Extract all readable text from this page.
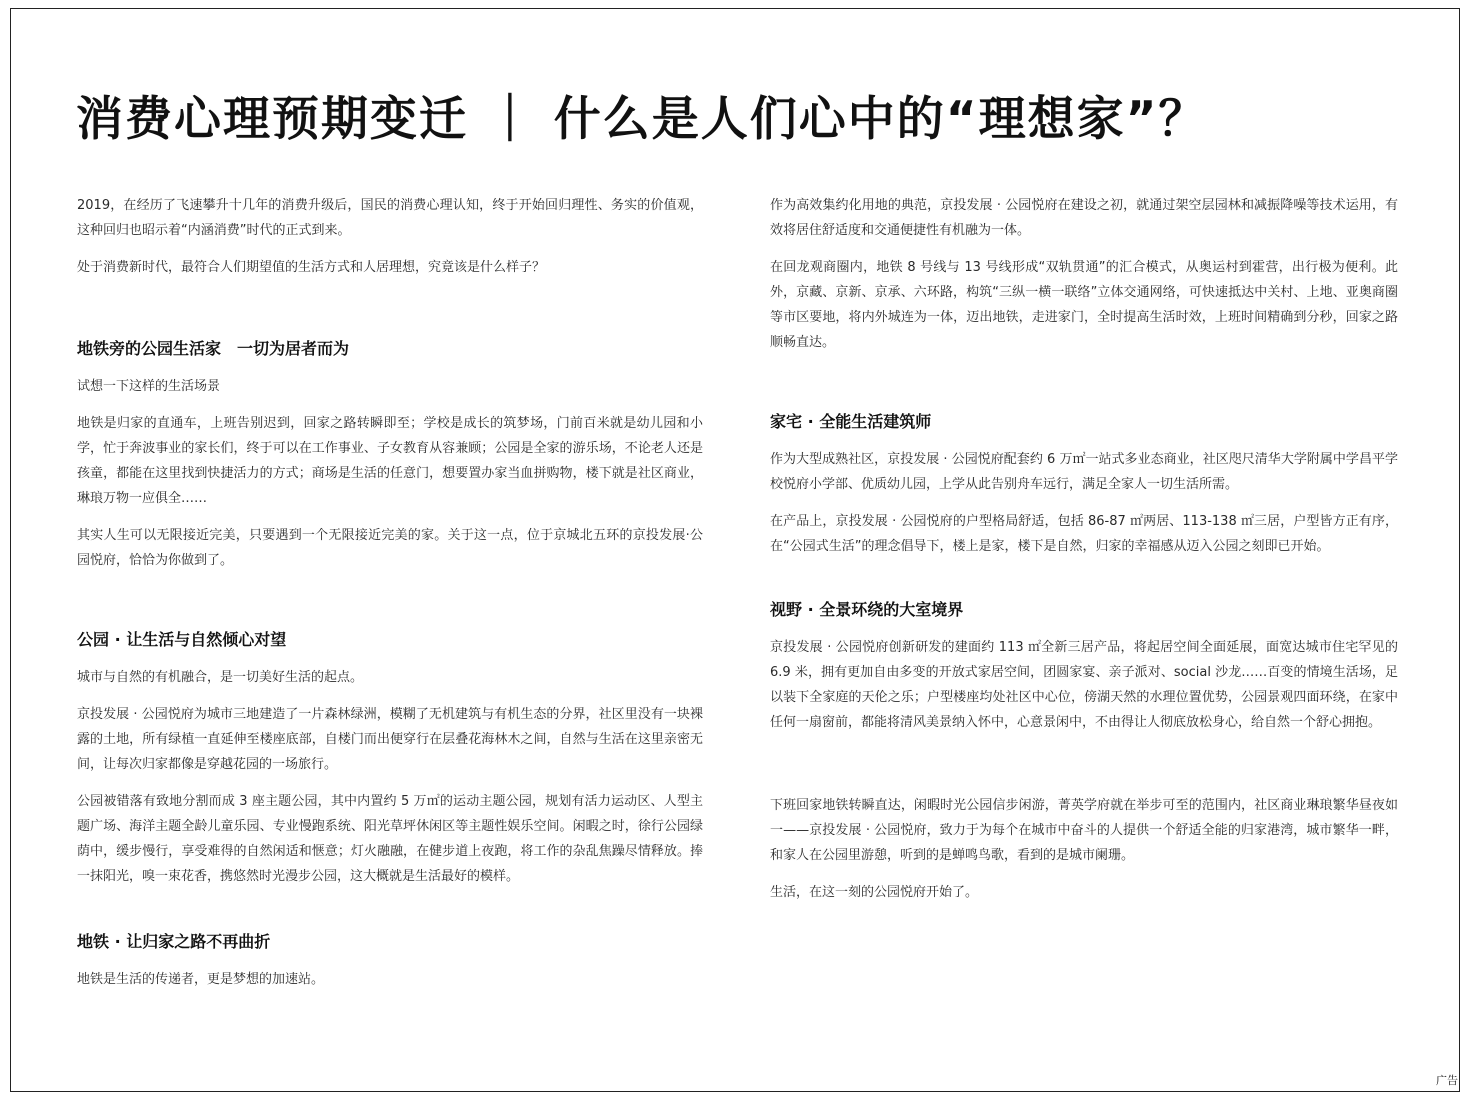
消费心理预期变迁 ｜ 什么是人们心中的“理想家”？

2019，在经历了飞速攀升十几年的消费升级后，国民的消费心理认知，终于开始回归理性、务实的价值观，这种回归也昭示着“内涵消费”时代的正式到来。

处于消费新时代，最符合人们期望值的生活方式和人居理想，究竟该是什么样子？

地铁旁的公园生活家　一切为居者而为

试想一下这样的生活场景

地铁是归家的直通车，上班告别迟到，回家之路转瞬即至；学校是成长的筑梦场，门前百米就是幼儿园和小学，忙于奔波事业的家长们，终于可以在工作事业、子女教育从容兼顾；公园是全家的游乐场，不论老人还是孩童，都能在这里找到快捷活力的方式；商场是生活的任意门，想要置办家当血拼购物，楼下就是社区商业，琳琅万物一应俱全……

其实人生可以无限接近完美，只要遇到一个无限接近完美的家。关于这一点，位于京城北五环的京投发展·公园悦府，恰恰为你做到了。

公园 · 让生活与自然倾心对望

城市与自然的有机融合，是一切美好生活的起点。

京投发展 · 公园悦府为城市三地建造了一片森林绿洲，模糊了无机建筑与有机生态的分界，社区里没有一块裸露的土地，所有绿植一直延伸至楼座底部，自楼门而出便穿行在层叠花海林木之间，自然与生活在这里亲密无间，让每次归家都像是穿越花园的一场旅行。

公园被错落有致地分割而成 3 座主题公园，其中内置约 5 万㎡的运动主题公园，规划有活力运动区、人型主题广场、海洋主题全龄儿童乐园、专业慢跑系统、阳光草坪休闲区等主题性娱乐空间。闲暇之时，徐行公园绿荫中，缓步慢行，享受难得的自然闲适和惬意；灯火融融，在健步道上夜跑，将工作的杂乱焦躁尽情释放。捧一抹阳光，嗅一束花香，携悠然时光漫步公园，这大概就是生活最好的模样。

地铁 · 让归家之路不再曲折

地铁是生活的传递者，更是梦想的加速站。

作为高效集约化用地的典范，京投发展 · 公园悦府在建设之初，就通过架空层园林和减振降噪等技术运用，有效将居住舒适度和交通便捷性有机融为一体。

在回龙观商圈内，地铁 8 号线与 13 号线形成“双轨贯通”的汇合模式，从奥运村到霍营，出行极为便利。此外，京藏、京新、京承、六环路，构筑“三纵一横一联络”立体交通网络，可快速抵达中关村、上地、亚奥商圈等市区要地，将内外城连为一体，迈出地铁，走进家门，全时提高生活时效，上班时间精确到分秒，回家之路顺畅直达。

家宅 · 全能生活建筑师

作为大型成熟社区，京投发展 · 公园悦府配套约 6 万㎡一站式多业态商业，社区咫尺清华大学附属中学昌平学校悦府小学部、优质幼儿园，上学从此告别舟车远行，满足全家人一切生活所需。

在产品上，京投发展 · 公园悦府的户型格局舒适，包括 86-87 ㎡两居、113-138 ㎡三居，户型皆方正有序，在“公园式生活”的理念倡导下，楼上是家，楼下是自然，归家的幸福感从迈入公园之刻即已开始。

视野 · 全景环绕的大室境界

京投发展 · 公园悦府创新研发的建面约 113 ㎡全新三居产品，将起居空间全面延展，面宽达城市住宅罕见的 6.9 米，拥有更加自由多变的开放式家居空间，团圆家宴、亲子派对、social 沙龙……百变的情境生活场，足以装下全家庭的天伦之乐；户型楼座均处社区中心位，傍湖天然的水理位置优势，公园景观四面环绕，在家中任何一扇窗前，都能将清风美景纳入怀中，心意景闲中，不由得让人彻底放松身心，给自然一个舒心拥抱。

下班回家地铁转瞬直达，闲暇时光公园信步闲游，菁英学府就在举步可至的范围内，社区商业琳琅繁华昼夜如一——京投发展 · 公园悦府，致力于为每个在城市中奋斗的人提供一个舒适全能的归家港湾，城市繁华一畔，和家人在公园里游憩，听到的是蝉鸣鸟歌，看到的是城市阑珊。

生活，在这一刻的公园悦府开始了。

广告
